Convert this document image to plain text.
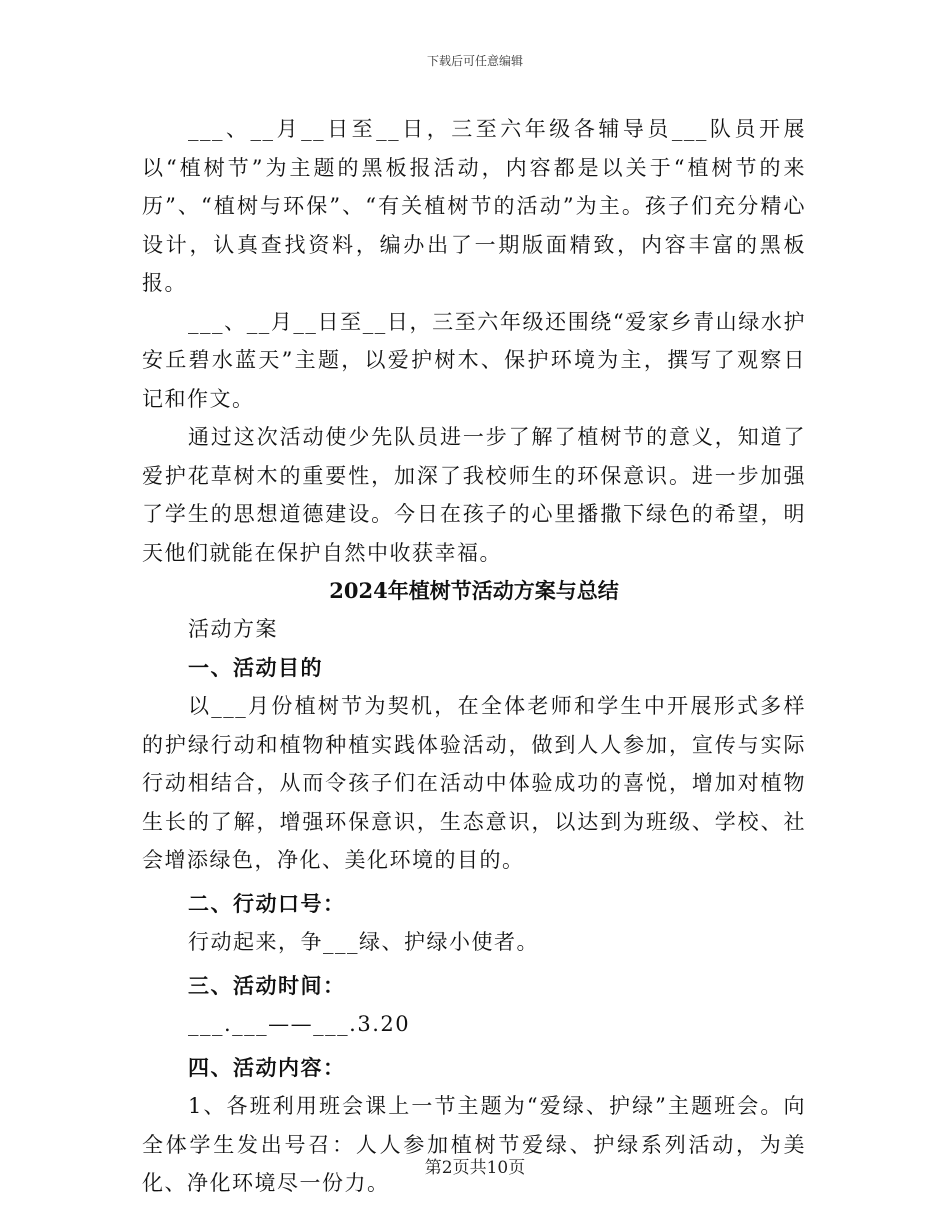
下载后可任意编辑

___、__月__日至__日，三至六年级各辅导员___队员开展以“植树节”为主题的黑板报活动，内容都是以关于“植树节的来历”、“植树与环保”、“有关植树节的活动”为主。孩子们充分精心设计，认真查找资料，编办出了一期版面精致，内容丰富的黑板报。

___、__月__日至__日，三至六年级还围绕“爱家乡青山绿水护安丘碧水蓝天”主题，以爱护树木、保护环境为主，撰写了观察日记和作文。

通过这次活动使少先队员进一步了解了植树节的意义，知道了爱护花草树木的重要性，加深了我校师生的环保意识。进一步加强了学生的思想道德建设。今日在孩子的心里播撒下绿色的希望，明天他们就能在保护自然中收获幸福。

2024年植树节活动方案与总结

活动方案

一、活动目的

以___月份植树节为契机，在全体老师和学生中开展形式多样的护绿行动和植物种植实践体验活动，做到人人参加，宣传与实际行动相结合，从而令孩子们在活动中体验成功的喜悦，增加对植物生长的了解，增强环保意识，生态意识，以达到为班级、学校、社会增添绿色，净化、美化环境的目的。

二、行动口号：

行动起来，争___绿、护绿小使者。

三、活动时间：

___.___——___.3.20

四、活动内容：

1、各班利用班会课上一节主题为“爱绿、护绿”主题班会。向全体学生发出号召：人人参加植树节爱绿、护绿系列活动，为美化、净化环境尽一份力。

第2页共10页
